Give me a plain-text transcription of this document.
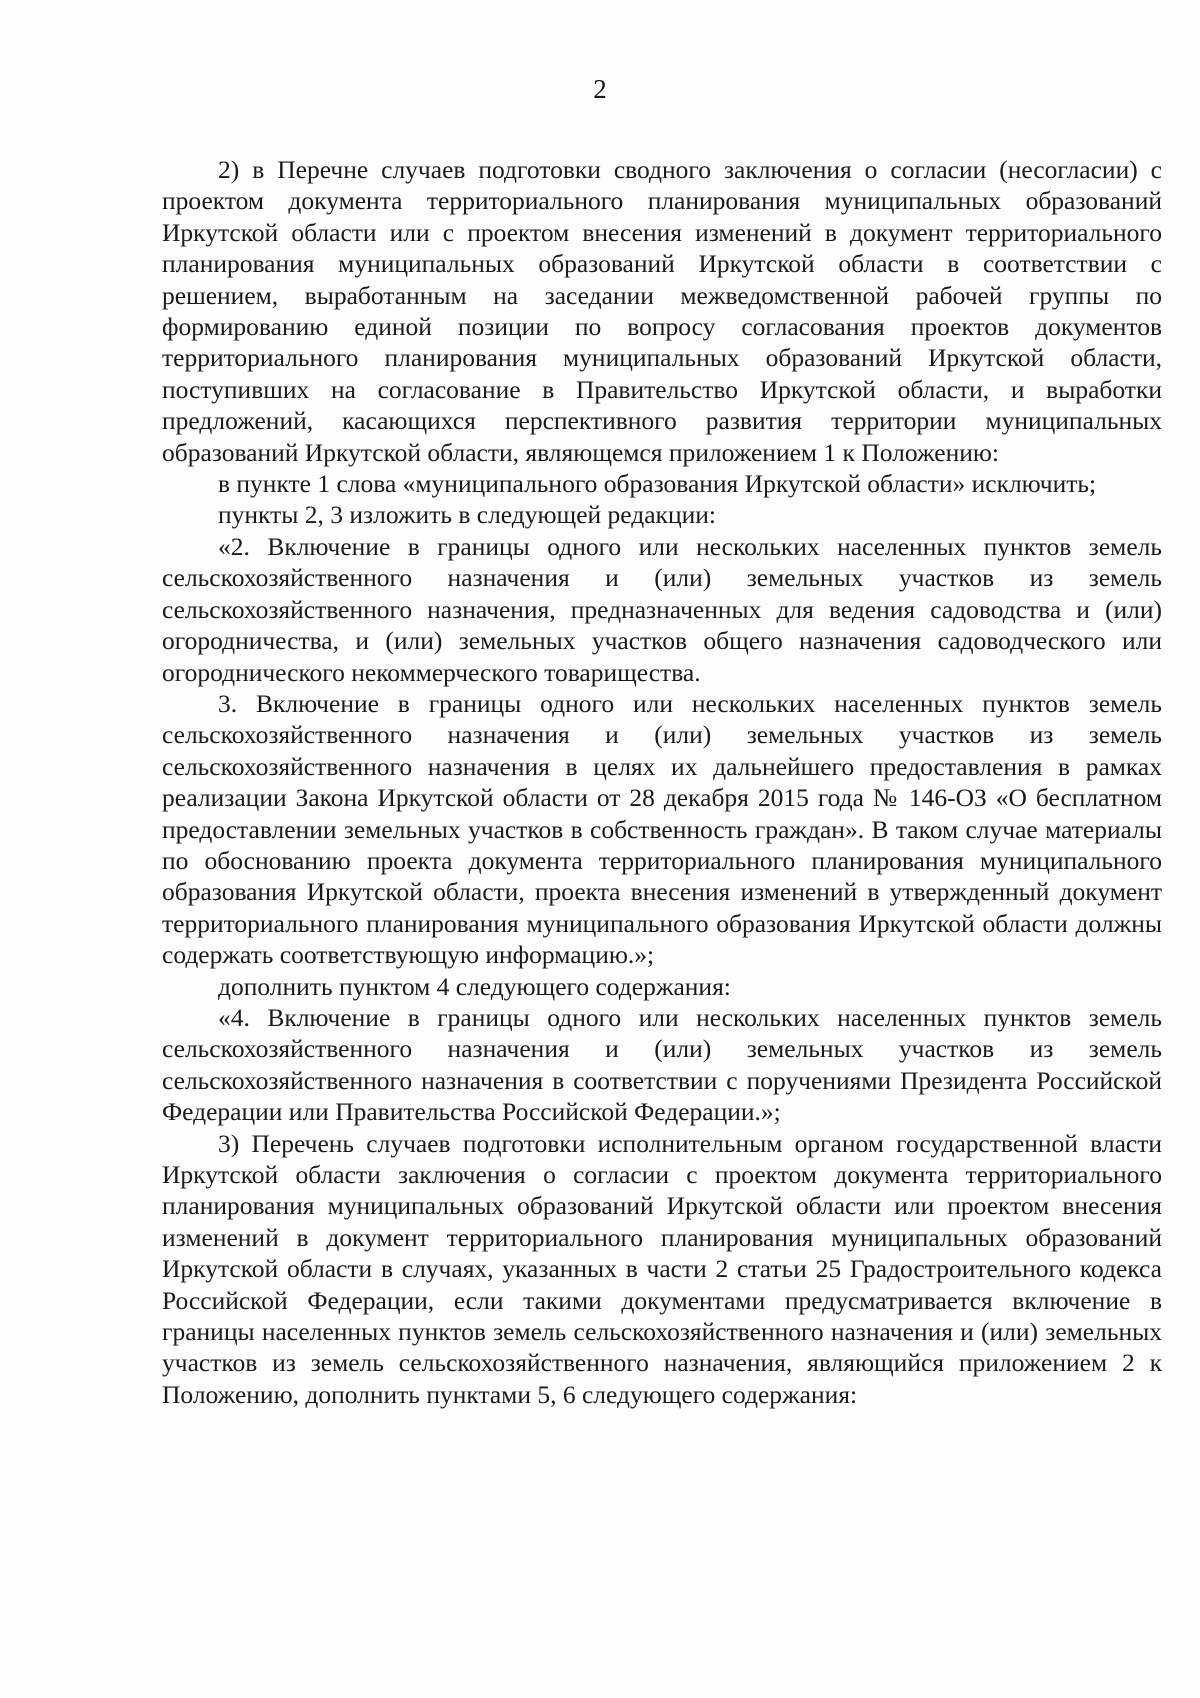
2

2) в Перечне случаев подготовки сводного заключения о согласии (несогласии) с проектом документа территориального планирования муниципальных образований Иркутской области или с проектом внесения изменений в документ территориального планирования муниципальных образований Иркутской области в соответствии с решением, выработанным на заседании межведомственной рабочей группы по формированию единой позиции по вопросу согласования проектов документов территориального планирования муниципальных образований Иркутской области, поступивших на согласование в Правительство Иркутской области, и выработки предложений, касающихся перспективного развития территории муниципальных образований Иркутской области, являющемся приложением 1 к Положению:

в пункте 1 слова «муниципального образования Иркутской области» исключить;

пункты 2, 3 изложить в следующей редакции:

«2. Включение в границы одного или нескольких населенных пунктов земель сельскохозяйственного назначения и (или) земельных участков из земель сельскохозяйственного назначения, предназначенных для ведения садоводства и (или) огородничества, и (или) земельных участков общего назначения садоводческого или огороднического некоммерческого товарищества.

3. Включение в границы одного или нескольких населенных пунктов земель сельскохозяйственного назначения и (или) земельных участков из земель сельскохозяйственного назначения в целях их дальнейшего предоставления в рамках реализации Закона Иркутской области от 28 декабря 2015 года № 146-ОЗ «О бесплатном предоставлении земельных участков в собственность граждан». В таком случае материалы по обоснованию проекта документа территориального планирования муниципального образования Иркутской области, проекта внесения изменений в утвержденный документ территориального планирования муниципального образования Иркутской области должны содержать соответствующую информацию.»;

дополнить пунктом 4 следующего содержания:

«4. Включение в границы одного или нескольких населенных пунктов земель сельскохозяйственного назначения и (или) земельных участков из земель сельскохозяйственного назначения в соответствии с поручениями Президента Российской Федерации или Правительства Российской Федерации.»;

3) Перечень случаев подготовки исполнительным органом государственной власти Иркутской области заключения о согласии с проектом документа территориального планирования муниципальных образований Иркутской области или проектом внесения изменений в документ территориального планирования муниципальных образований Иркутской области в случаях, указанных в части 2 статьи 25 Градостроительного кодекса Российской Федерации, если такими документами предусматривается включение в границы населенных пунктов земель сельскохозяйственного назначения и (или) земельных участков из земель сельскохозяйственного назначения, являющийся приложением 2 к Положению, дополнить пунктами 5, 6 следующего содержания:
